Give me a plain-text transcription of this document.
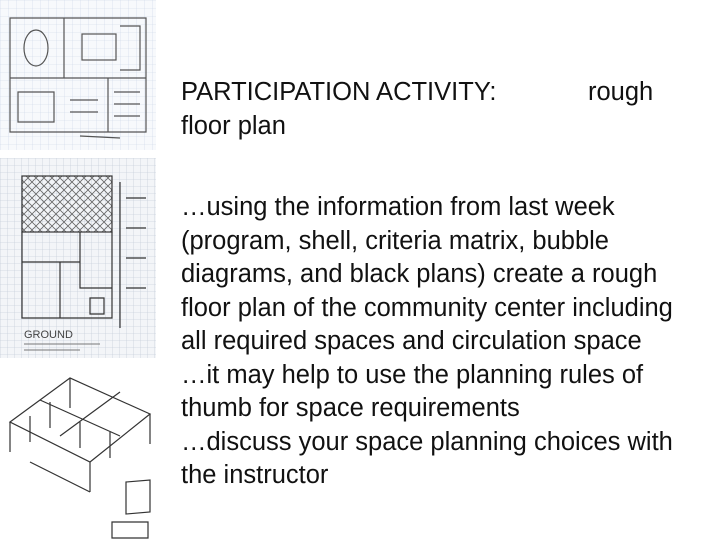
GROUND
PARTICIPATION ACTIVITY:	rough
floor plan
…using the information from last week (program, shell, criteria matrix, bubble diagrams, and black plans) create a rough floor plan of the community center including all required spaces and circulation space
…it may help to use the planning rules of thumb for space requirements
…discuss your space planning choices with the instructor
